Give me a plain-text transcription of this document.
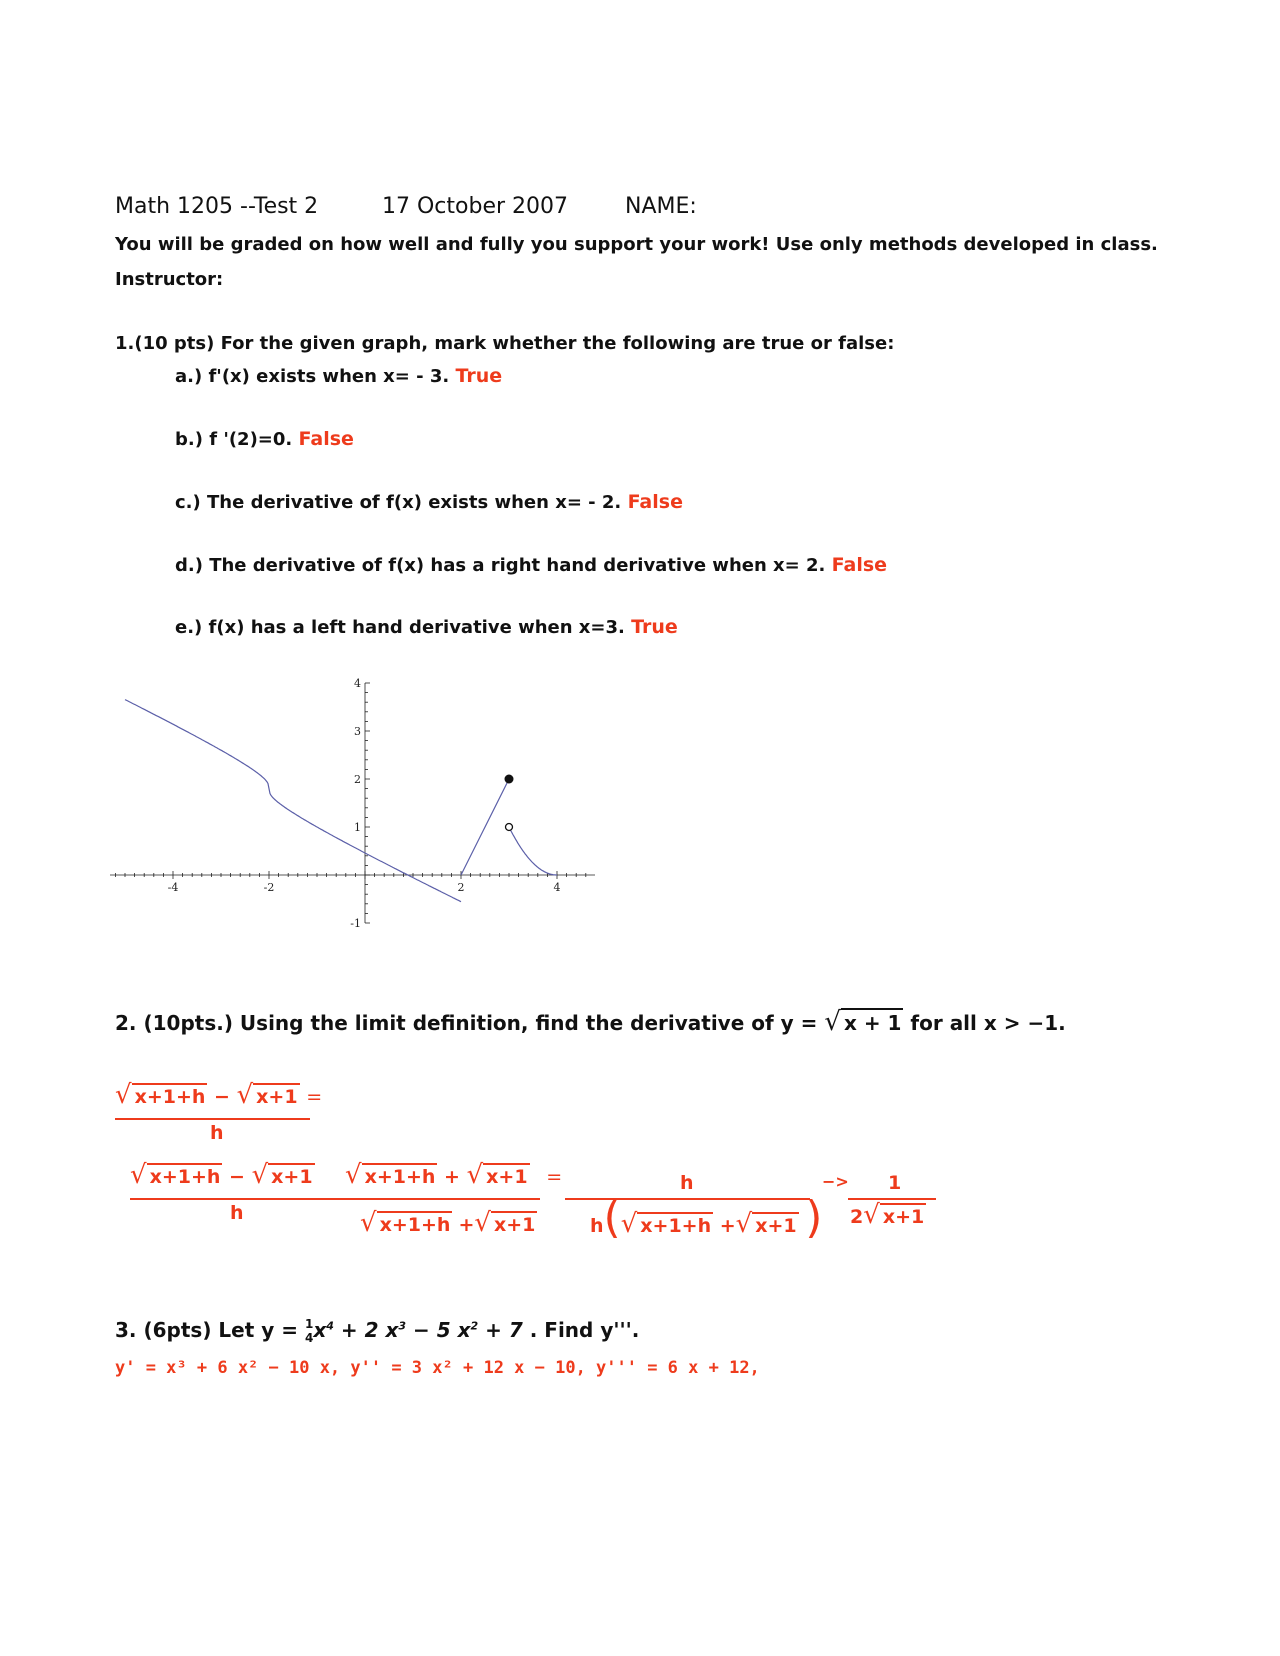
Math 1205 --Test 2	17 October 2007	NAME:
You will be graded on how well and fully you support your work! Use only methods developed in class.
Instructor:
1.(10 pts) For the given graph, mark whether the following are true or false:
a.) f'(x) exists when x= - 3. True
b.) f '(2)=0. False
c.) The derivative of f(x) exists when x= - 2. False
d.) The derivative of f(x) has a right hand derivative when x= 2. False
e.) f(x) has a left hand derivative when x=3. True
-4	-2	2	4
4
3
2
1
-1
2. (10pts.) Using the limit definition, find the derivative of y = √ x + 1 for all x > −1.
√ x+1+h − √ x+1 =
h
√ x+1+h − √ x+1
h
√ x+1+h + √ x+1 =
√ x+1+h +√ x+1
h
h(√ x+1+h +√ x+1 )
−> 1
2√ x+1
3. (6pts) Let y = 1
$4x^4 + 2$ $x^3 - 5$ $x^2 + 7$ . Find y'''.
y' = x³ + 6 x² − 10 x, y'' = 3 x² + 12 x − 10, y''' = 6 x + 12,
